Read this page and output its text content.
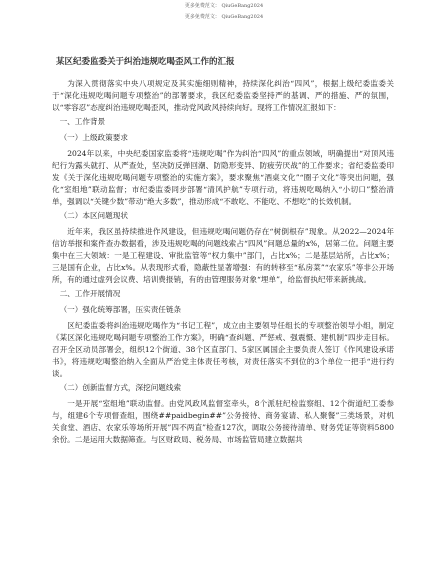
更多免费范文： QiuGeBang2024
更多免费范文： QiuGeBang2024
某区纪委监委关于纠治违规吃喝歪风工作的汇报

为深入贯彻落实中央八项规定及其实施细则精神，持续深化纠治“四风”，根据上级纪委监委关于“深化违规吃喝问题专项整治”的部署要求，我区纪委监委坚持严的基调、严的措施、严的氛围，以“零容忍”态度纠治违规吃喝歪风，推动党风政风持续向好。现将工作情况汇报如下：

一、工作背景
（一）上级政策要求

2024年以来，中央纪委国家监委将“违规吃喝”作为纠治“四风”的重点领域，明确提出“对顶风违纪行为露头就打、从严查处，坚决防反弹回潮、防隐形变异、防疲劳厌战”的工作要求；省纪委监委印发《关于深化违规吃喝问题专项整治的实施方案》，要求聚焦“酒桌文化”“圈子文化”等突出问题，强化“室组地”联动监督；市纪委监委同步部署“清风护航”专项行动，将违规吃喝纳入“小切口”整治清单，强调以“关键少数”带动“绝大多数”，推动形成“不敢吃、不能吃、不想吃”的长效机制。

（二）本区问题现状

近年来，我区虽持续推进作风建设，但违规吃喝问题仍存在“树倒根存”现象。从2022—2024年信访举报和案件查办数据看，涉及违规吃喝的问题线索占“四风”问题总量的x%，居第二位。问题主要集中在三大领域：一是工程建设、审批监管等“权力集中”部门，占比x%；二是基层站所，占比x%；三是国有企业，占比x%。从表现形式看，隐蔽性显著增强：有的转移至“私房菜”“农家乐”等非公开场所，有的通过虚列会议费、培训费报销，有的由管理服务对象“埋单”，给监督执纪带来新挑战。

二、工作开展情况
（一）强化统筹部署，压实责任链条

区纪委监委将纠治违规吃喝作为“书记工程”，成立由主要领导任组长的专项整治领导小组，制定《某区深化违规吃喝问题专项整治工作方案》，明确“查纠题、严惩戒、强震慑、建机制”四步走目标。召开全区动员部署会，组织12个街道、38个区直部门、5家区属国企主要负责人签订《作风建设承诺书》，将违规吃喝整治纳入全面从严治党主体责任考核，对责任落实不到位的3个单位一把手“进行约谈。

（二）创新监督方式，深挖问题线索

一是开展“室组地”联动监督。由党风政风监督室牵头，8个派驻纪检监察组、12个街道纪工委参与，组建6个专项督查组，围绕##paidbegin##”公务接待、商务宴请、私人聚餐”三类场景，对机关食堂、酒店、农家乐等场所开展”四不两直”检查127次，调取公务接待清单、财务凭证等资料5800余份。二是运用大数据筛查。与区财政局、税务局、市场监管局建立数据共
